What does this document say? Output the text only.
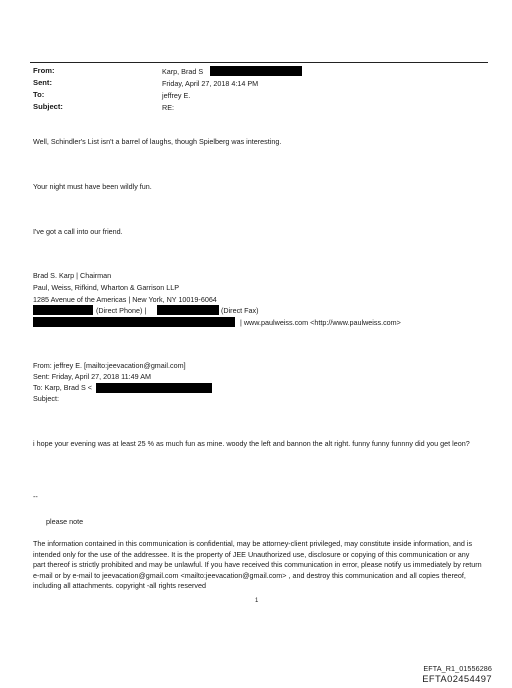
From:
Sent:
To:
Subject:
Karp, Brad S
Friday, April 27, 2018 4:14 PM
jeffrey E.
RE:
Well, Schindler's List isn't a barrel of laughs, though Spielberg was interesting.
Your night must have been wildly fun.
I've got a call into our friend.
Brad S. Karp | Chairman
Paul, Weiss, Rifkind, Wharton & Garrison LLP
1285 Avenue of the Americas | New York, NY 10019-6064
(Direct Phone) |	(Direct Fax)
| www.paulweiss.com <http://www.paulweiss.com>
From: jeffrey E. [mailto:jeevacation@gmail.com]
Sent: Friday, April 27, 2018 11:49 AM
To: Karp, Brad S <
Subject:
i hope your evening was at least 25 % as much fun as mine. woody the left and bannon the alt right. funny funny funnny did you get leon?
--
please note
The information contained in this communication is confidential, may be attorney-client privileged, may constitute inside information, and is intended only for the use of the addressee. It is the property of JEE Unauthorized use, disclosure or copying of this communication or any part thereof is strictly prohibited and may be unlawful. If you have received this communication in error, please notify us immediately by return e-mail or by e-mail to jeevacation@gmail.com <mailto:jeevacation@gmail.com> , and destroy this communication and all copies thereof, including all attachments. copyright -all rights reserved
1
EFTA_R1_01556286
EFTA02454497
